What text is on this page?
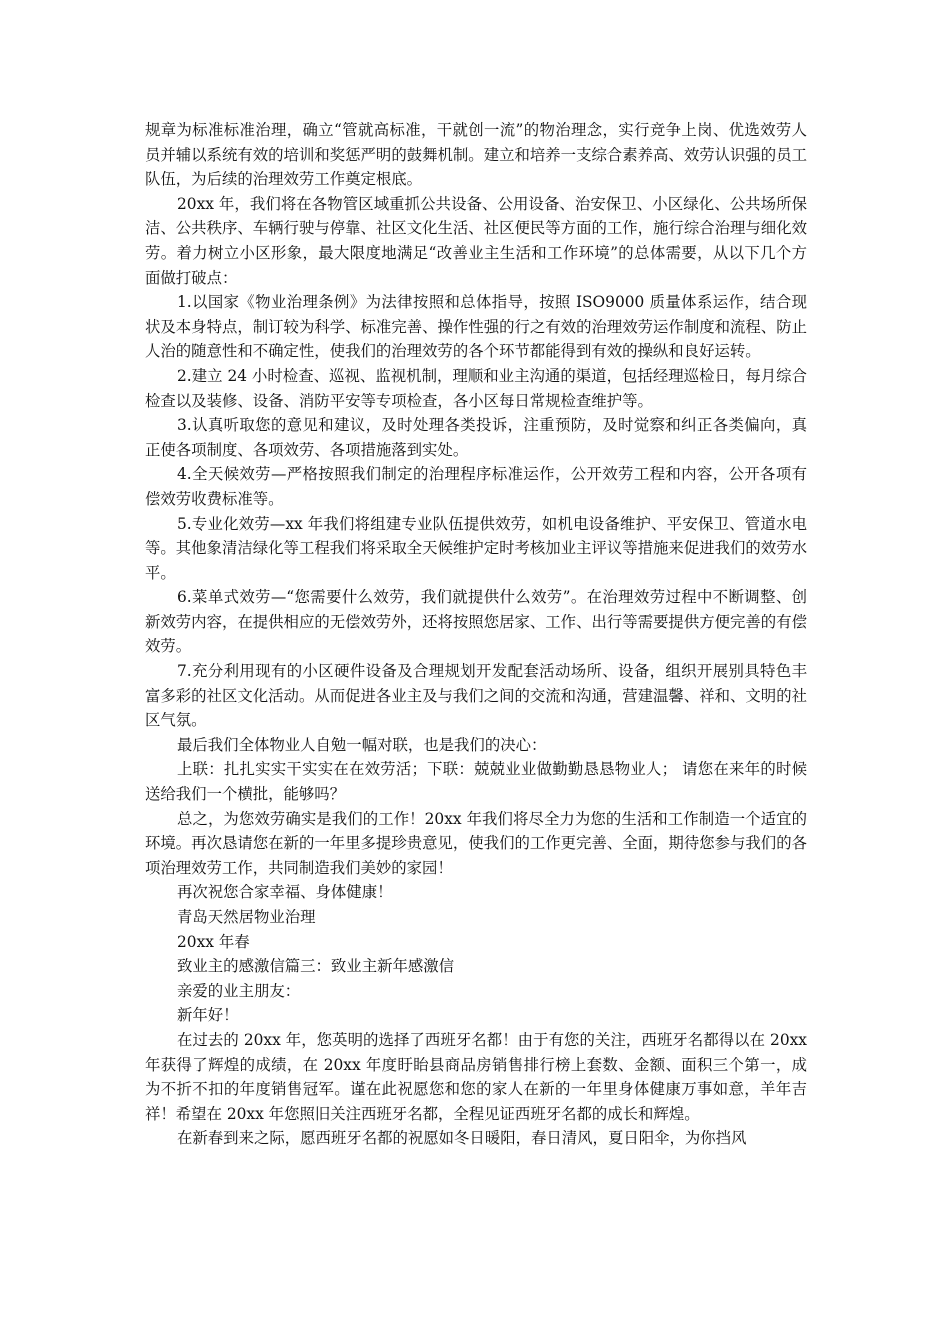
规章为标准标准治理，确立“管就高标准，干就创一流”的物治理念，实行竞争上岗、优选效劳人员并辅以系统有效的培训和奖惩严明的鼓舞机制。建立和培养一支综合素养高、效劳认识强的员工队伍，为后续的治理效劳工作奠定根底。

20xx 年，我们将在各物管区域重抓公共设备、公用设备、治安保卫、小区绿化、公共场所保洁、公共秩序、车辆行驶与停靠、社区文化生活、社区便民等方面的工作，施行综合治理与细化效劳。着力树立小区形象，最大限度地满足“改善业主生活和工作环境”的总体需要，从以下几个方面做打破点：

1.以国家《物业治理条例》为法律按照和总体指导，按照 ISO9000 质量体系运作，结合现状及本身特点，制订较为科学、标准完善、操作性强的行之有效的治理效劳运作制度和流程、防止人治的随意性和不确定性，使我们的治理效劳的各个环节都能得到有效的操纵和良好运转。

2.建立 24 小时检查、巡视、监视机制，理顺和业主沟通的渠道，包括经理巡检日，每月综合检查以及装修、设备、消防平安等专项检查，各小区每日常规检查维护等。

3.认真听取您的意见和建议，及时处理各类投诉，注重预防，及时觉察和纠正各类偏向，真正使各项制度、各项效劳、各项措施落到实处。

4.全天候效劳—严格按照我们制定的治理程序标准运作，公开效劳工程和内容，公开各项有偿效劳收费标准等。

5.专业化效劳—xx 年我们将组建专业队伍提供效劳，如机电设备维护、平安保卫、管道水电等。其他象清洁绿化等工程我们将采取全天候维护定时考核加业主评议等措施来促进我们的效劳水平。

6.菜单式效劳—“您需要什么效劳，我们就提供什么效劳”。在治理效劳过程中不断调整、创新效劳内容，在提供相应的无偿效劳外，还将按照您居家、工作、出行等需要提供方便完善的有偿效劳。

7.充分利用现有的小区硬件设备及合理规划开发配套活动场所、设备，组织开展别具特色丰富多彩的社区文化活动。从而促进各业主及与我们之间的交流和沟通，营建温馨、祥和、文明的社区气氛。

最后我们全体物业人自勉一幅对联，也是我们的决心：

上联：扎扎实实干实实在在效劳活；下联：兢兢业业做勤勤恳恳物业人； 请您在来年的时候送给我们一个横批，能够吗？

总之，为您效劳确实是我们的工作！20xx 年我们将尽全力为您的生活和工作制造一个适宜的环境。再次恳请您在新的一年里多提珍贵意见，使我们的工作更完善、全面，期待您参与我们的各项治理效劳工作，共同制造我们美妙的家园！

再次祝您合家幸福、身体健康！

青岛天然居物业治理

20xx 年春

致业主的感激信篇三：致业主新年感激信

亲爱的业主朋友：

新年好！

在过去的 20xx 年，您英明的选择了西班牙名都！由于有您的关注，西班牙名都得以在 20xx 年获得了辉煌的成绩，在 20xx 年度盱眙县商品房销售排行榜上套数、金额、面积三个第一，成为不折不扣的年度销售冠军。谨在此祝愿您和您的家人在新的一年里身体健康万事如意，羊年吉祥！希望在 20xx 年您照旧关注西班牙名都，全程见证西班牙名都的成长和辉煌。

在新春到来之际，愿西班牙名都的祝愿如冬日暖阳，春日清风，夏日阳伞，为你挡风
